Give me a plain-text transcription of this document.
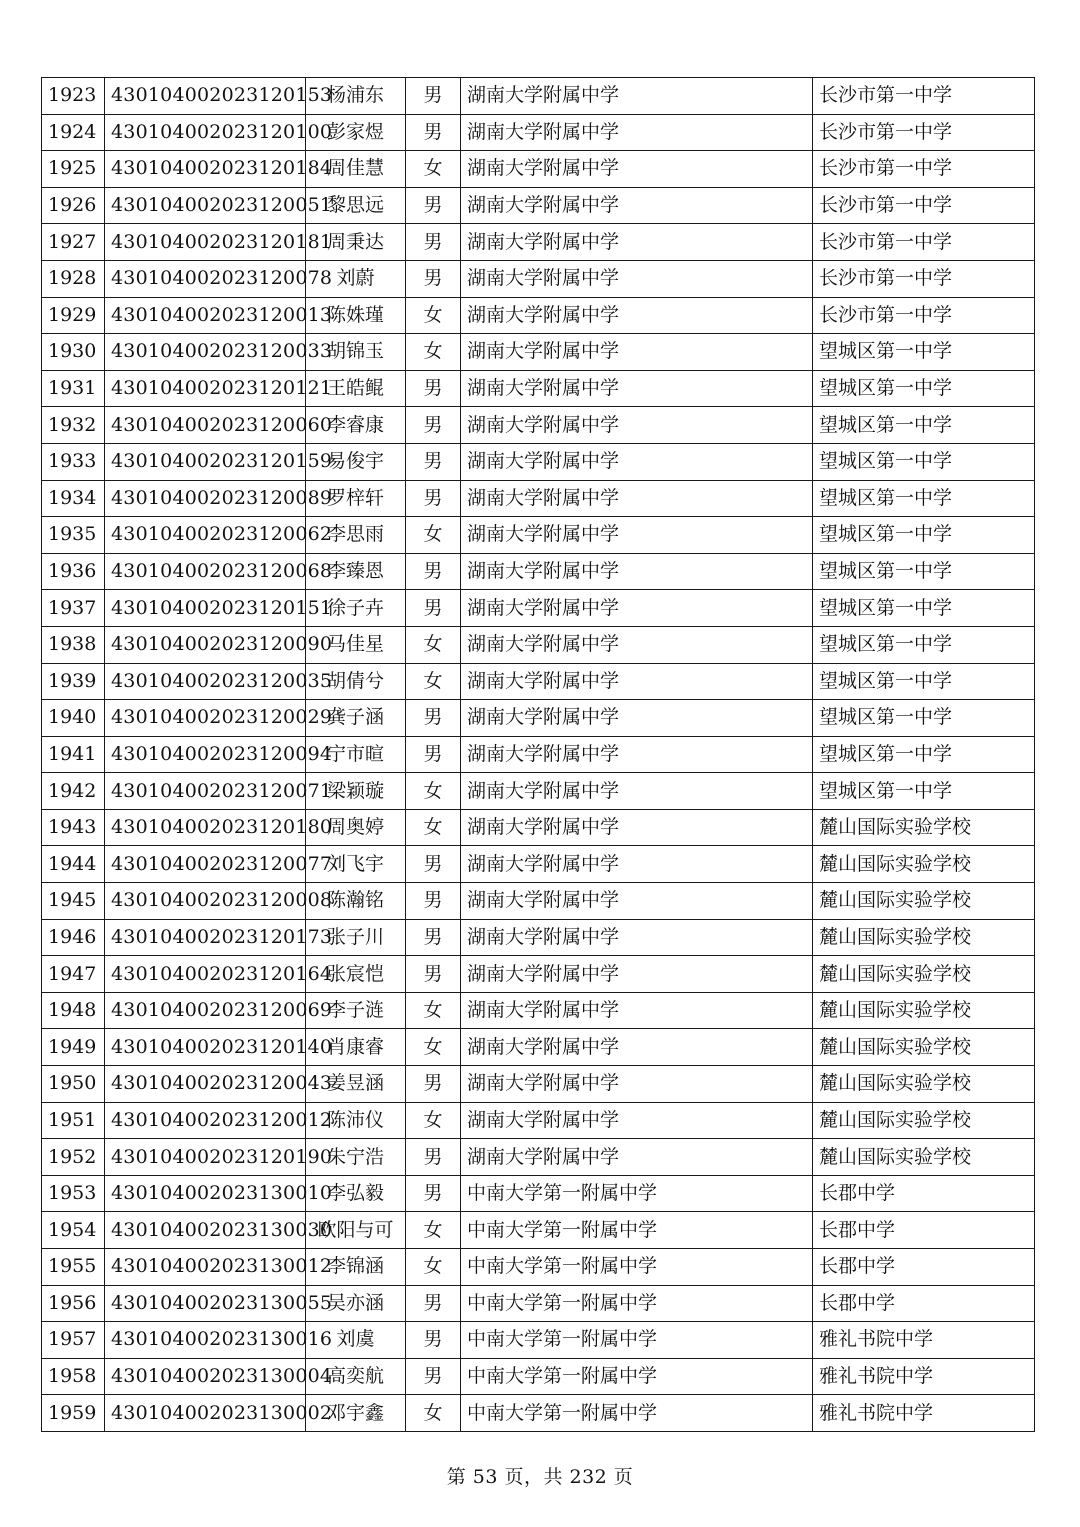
1923	430104002023120153	杨浦东	男	湖南大学附属中学	长沙市第一中学
1924	430104002023120100	彭家煜	男	湖南大学附属中学	长沙市第一中学
1925	430104002023120184	周佳慧	女	湖南大学附属中学	长沙市第一中学
1926	430104002023120051	黎思远	男	湖南大学附属中学	长沙市第一中学
1927	430104002023120181	周秉达	男	湖南大学附属中学	长沙市第一中学
1928	430104002023120078	刘蔚	男	湖南大学附属中学	长沙市第一中学
1929	430104002023120013	陈姝瑾	女	湖南大学附属中学	长沙市第一中学
1930	430104002023120033	胡锦玉	女	湖南大学附属中学	望城区第一中学
1931	430104002023120121	王皓鲲	男	湖南大学附属中学	望城区第一中学
1932	430104002023120060	李睿康	男	湖南大学附属中学	望城区第一中学
1933	430104002023120159	易俊宇	男	湖南大学附属中学	望城区第一中学
1934	430104002023120089	罗梓轩	男	湖南大学附属中学	望城区第一中学
1935	430104002023120062	李思雨	女	湖南大学附属中学	望城区第一中学
1936	430104002023120068	李臻恩	男	湖南大学附属中学	望城区第一中学
1937	430104002023120151	徐子卉	男	湖南大学附属中学	望城区第一中学
1938	430104002023120090	马佳星	女	湖南大学附属中学	望城区第一中学
1939	430104002023120035	胡倩兮	女	湖南大学附属中学	望城区第一中学
1940	430104002023120029	龚子涵	男	湖南大学附属中学	望城区第一中学
1941	430104002023120094	宁市暄	男	湖南大学附属中学	望城区第一中学
1942	430104002023120071	梁颖璇	女	湖南大学附属中学	望城区第一中学
1943	430104002023120180	周奥婷	女	湖南大学附属中学	麓山国际实验学校
1944	430104002023120077	刘飞宇	男	湖南大学附属中学	麓山国际实验学校
1945	430104002023120008	陈瀚铭	男	湖南大学附属中学	麓山国际实验学校
1946	430104002023120173	张子川	男	湖南大学附属中学	麓山国际实验学校
1947	430104002023120164	张宸恺	男	湖南大学附属中学	麓山国际实验学校
1948	430104002023120069	李子涟	女	湖南大学附属中学	麓山国际实验学校
1949	430104002023120140	肖康睿	女	湖南大学附属中学	麓山国际实验学校
1950	430104002023120043	姜昱涵	男	湖南大学附属中学	麓山国际实验学校
1951	430104002023120012	陈沛仪	女	湖南大学附属中学	麓山国际实验学校
1952	430104002023120190	朱宁浩	男	湖南大学附属中学	麓山国际实验学校
1953	430104002023130010	李弘毅	男	中南大学第一附属中学	长郡中学
1954	430104002023130030	欧阳与可	女	中南大学第一附属中学	长郡中学
1955	430104002023130012	李锦涵	女	中南大学第一附属中学	长郡中学
1956	430104002023130055	吴亦涵	男	中南大学第一附属中学	长郡中学
1957	430104002023130016	刘虞	男	中南大学第一附属中学	雅礼书院中学
1958	430104002023130004	高奕航	男	中南大学第一附属中学	雅礼书院中学
1959	430104002023130002	邓宇鑫	女	中南大学第一附属中学	雅礼书院中学
第 53 页，共 232 页
